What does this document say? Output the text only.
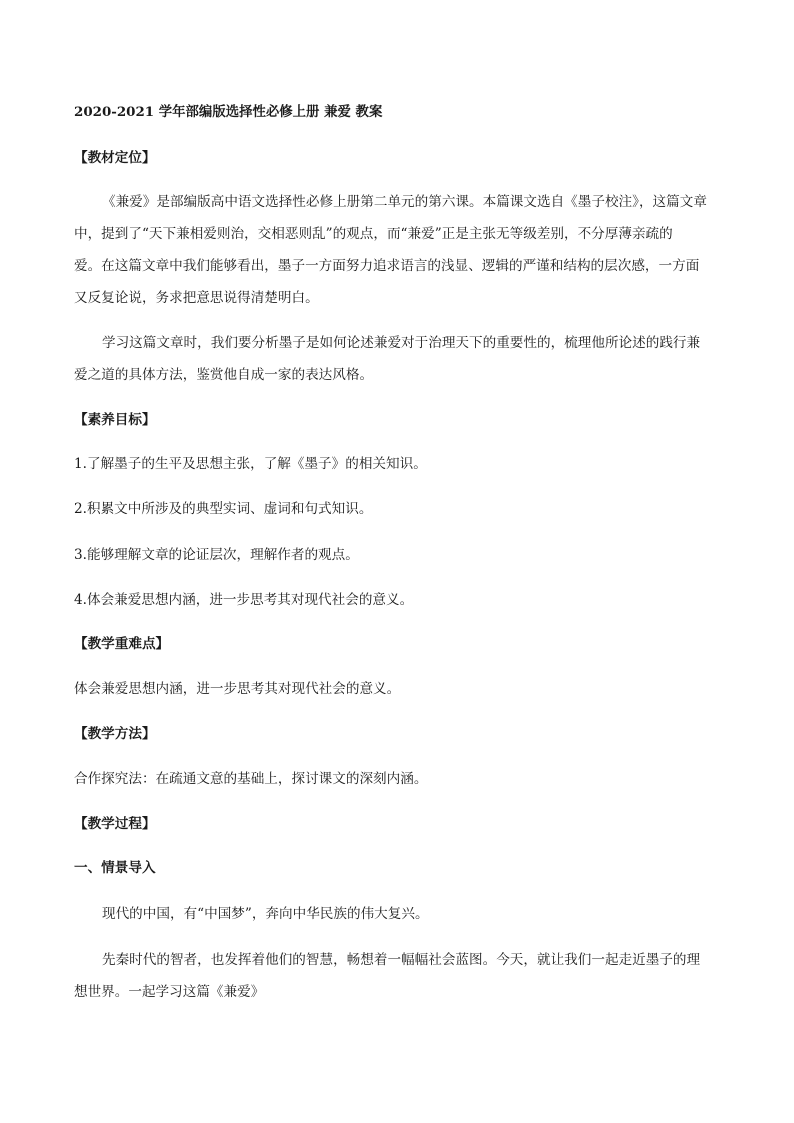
2020-2021 学年部编版选择性必修上册 兼爱 教案
【教材定位】
《兼爱》是部编版高中语文选择性必修上册第二单元的第六课。本篇课文选自《墨子校注》，这篇文章
中，提到了“天下兼相爱则治，交相恶则乱”的观点，而“兼爱”正是主张无等级差别，不分厚薄亲疏的
爱。在这篇文章中我们能够看出，墨子一方面努力追求语言的浅显、逻辑的严谨和结构的层次感，一方面
又反复论说，务求把意思说得清楚明白。
学习这篇文章时，我们要分析墨子是如何论述兼爱对于治理天下的重要性的，梳理他所论述的践行兼
爱之道的具体方法，鉴赏他自成一家的表达风格。
【素养目标】
1.了解墨子的生平及思想主张，了解《墨子》的相关知识。
2.积累文中所涉及的典型实词、虚词和句式知识。
3.能够理解文章的论证层次，理解作者的观点。
4.体会兼爱思想内涵，进一步思考其对现代社会的意义。
【教学重难点】
体会兼爱思想内涵，进一步思考其对现代社会的意义。
【教学方法】
合作探究法：在疏通文意的基础上，探讨课文的深刻内涵。
【教学过程】
一、情景导入
现代的中国，有“中国梦”，奔向中华民族的伟大复兴。
先秦时代的智者，也发挥着他们的智慧，畅想着一幅幅社会蓝图。今天，就让我们一起走近墨子的理
想世界。一起学习这篇《兼爱》
